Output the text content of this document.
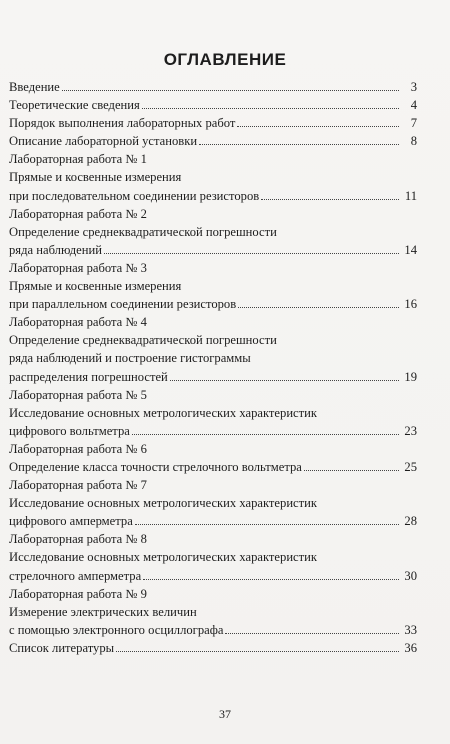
ОГЛАВЛЕНИЕ
Введение	3
Теоретические сведения	4
Порядок выполнения лабораторных работ	7
Описание лабораторной установки	8
Лабораторная работа № 1
Прямые и косвенные измерения
при последовательном соединении резисторов	11
Лабораторная работа № 2
Определение среднеквадратической погрешности
ряда наблюдений	14
Лабораторная работа № 3
Прямые и косвенные измерения
при параллельном соединении резисторов	16
Лабораторная работа № 4
Определение среднеквадратической погрешности
ряда наблюдений и построение гистограммы
распределения погрешностей	19
Лабораторная работа № 5
Исследование основных метрологических характеристик
цифрового вольтметра	23
Лабораторная работа № 6
Определение класса точности стрелочного вольтметра	25
Лабораторная работа № 7
Исследование основных метрологических характеристик
цифрового амперметра	28
Лабораторная работа № 8
Исследование основных метрологических характеристик
стрелочного амперметра	30
Лабораторная работа № 9
Измерение электрических величин
с помощью электронного осциллографа	33
Список литературы	36
37
